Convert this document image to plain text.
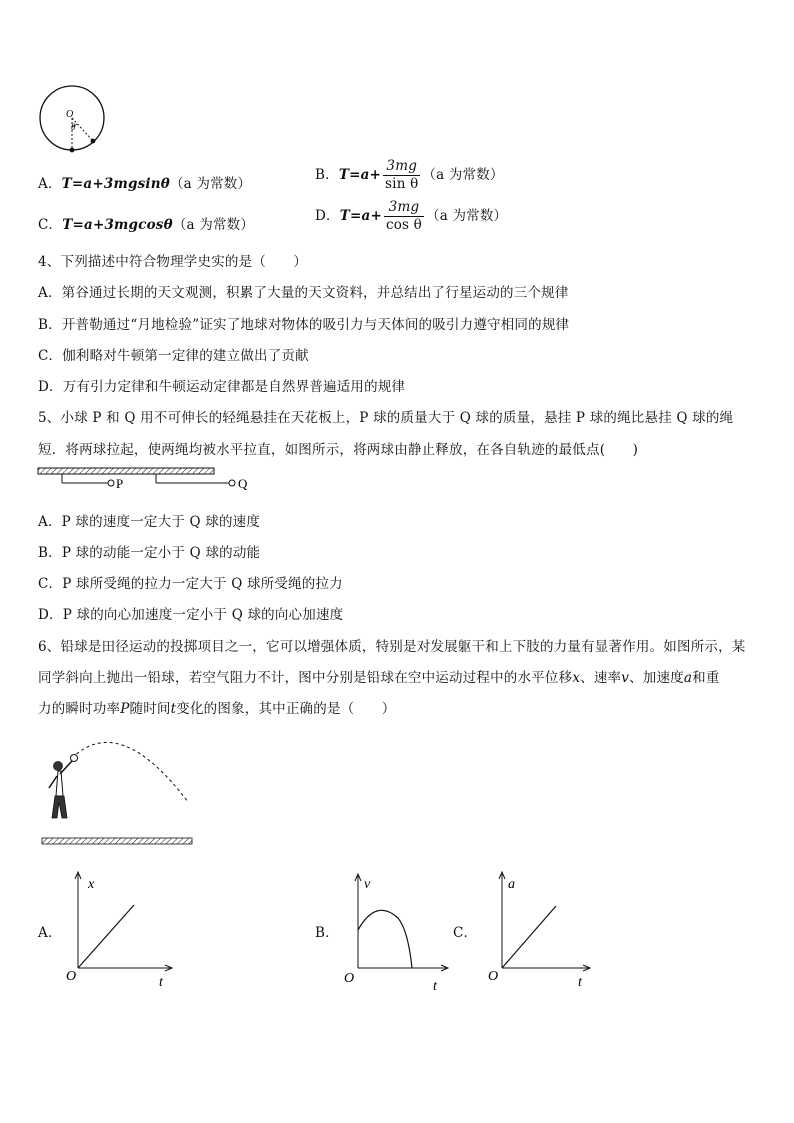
O
θ
A．T=a+3mgsinθ（a 为常数）
B．$T=a+ \frac{3mg}{\text{sin θ}} (a$ 为常数）
C．T=a+3mgcosθ（a 为常数）
D．$T=a+ \frac{3mg}{\text{cos θ}} (a$ 为常数）
4、下列描述中符合物理学史实的是（　　）
A．第谷通过长期的天文观测，积累了大量的天文资料，并总结出了行星运动的三个规律
B．开普勒通过“月地检验”证实了地球对物体的吸引力与天体间的吸引力遵守相同的规律
C．伽利略对牛顿第一定律的建立做出了贡献
D．万有引力定律和牛顿运动定律都是自然界普遍适用的规律
5、小球 P 和 Q 用不可伸长的轻绳悬挂在天花板上，P 球的质量大于 Q 球的质量，悬挂 P 球的绳比悬挂 Q 球的绳
短．将两球拉起，使两绳均被水平拉直，如图所示，将两球由静止释放，在各自轨迹的最低点(　　)
P	Q
A．P 球的速度一定大于 Q 球的速度
B．P 球的动能一定小于 Q 球的动能
C．P 球所受绳的拉力一定大于 Q 球所受绳的拉力
D．P 球的向心加速度一定小于 Q 球的向心加速度
6、铅球是田径运动的投掷项目之一，它可以增强体质，特别是对发展躯干和上下肢的力量有显著作用。如图所示，某
同学斜向上抛出一铅球，若空气阻力不计，图中分别是铅球在空中运动过程中的水平位移x、速率v、加速度a和重
力的瞬时功率P随时间t变化的图象，其中正确的是（　　）
A．
x
t
O
B．
v
t
O
C．
a
t
O
